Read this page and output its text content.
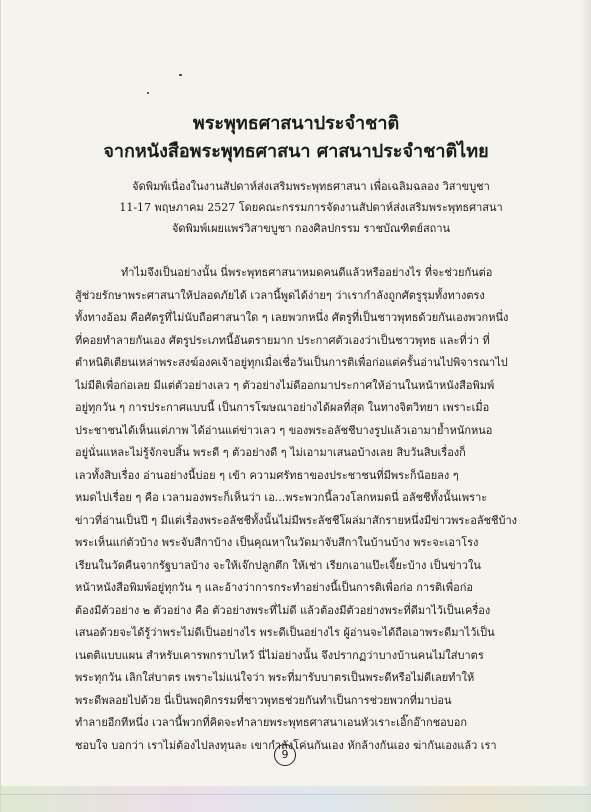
พระพุทธศาสนาประจำชาติ
จากหนังสือพระพุทธศาสนา ศาสนาประจำชาติไทย
จัดพิมพ์เนื่องในงานสัปดาห์ส่งเสริมพระพุทธศาสนา เพื่อเฉลิมฉลอง วิสาขบูชา
11-17 พฤษภาคม 2527 โดยคณะกรรมการจัดงานสัปดาห์ส่งเสริมพระพุทธศาสนา
จัดพิมพ์เผยแพร่วิสาขบูชา กองศิลปกรรม ราชบัณฑิตย์สถาน
ทำไมจึงเป็นอย่างนั้น นี่พระพุทธศาสนาหมดคนดีแล้วหรืออย่างไร ที่จะช่วยกันต่อ
สู้ช่วยรักษาพระศาสนาให้ปลอดภัยได้ เวลานี้พูดได้ง่ายๆ ว่าเรากำลังถูกศัตรูรุมทั้งทางตรง
ทั้งทางอ้อม คือศัตรูที่ไม่นับถือศาสนาใด ๆ เลยพวกหนึ่ง ศัตรูที่เป็นชาวพุทธด้วยกันเองพวกหนึ่ง
ที่คอยทำลายกันเอง ศัตรูประเภทนี้อันตรายมาก ประกาศตัวเองว่าเป็นชาวพุทธ และที่ว่า ที่
ตำหนิติเตียนเหล่าพระสงฆ์องคเจ้าอยู่ทุกเมื่อเชื่อวันเป็นการติเพื่อก่อแต่ครั้นอ่านไปพิจารณาไป
ไม่มีติเพื่อก่อเลย มีแต่ตัวอย่างเลว ๆ ตัวอย่างไม่ดีออกมาประกาศให้อ่านในหน้าหนังสือพิมพ์
อยู่ทุกวัน ๆ การประกาศแบบนี้ เป็นการโฆษณาอย่างได้ผลที่สุด ในทางจิตวิทยา เพราะเมื่อ
ประชาชนได้เห็นแต่ภาพ ได้อ่านแต่ข่าวเลว ๆ ของพระอลัชชีบางรูปแล้วเอามาย้ำหนักหนอ
อยู่นั่นแหละไม่รู้จักจบสิ้น พระดี ๆ ตัวอย่างดี ๆ ไม่เอามาเสนอบ้างเลย สิบวันสิบเรื่องก็
เลวทั้งสิบเรื่อง อ่านอย่างนี้บ่อย ๆ เข้า ความศรัทธาของประชาชนที่มีพระก็น้อยลง ๆ
หมดไปเรื่อย ๆ คือ เวลามองพระก็เห็นว่า เอ...พระพวกนี้ลวงโลกหมดนี่ อลัชชีทั้งนั้นเพราะ
ข่าวที่อ่านเป็นปี ๆ มีแต่เรื่องพระอลัชชีทั้งนั้นไม่มีพระลัชชีโผล่มาสักรายหนึ่งมีข่าวพระอลัชชีบ้าง
พระเห็นแก่ตัวบ้าง พระจับสีกาบ้าง เป็นคุณหาในวัดมาจับสีกาในบ้านบ้าง พระจะเอาโรง
เรียนในวัดคืนจากรัฐบาลบ้าง จะให้เจ๊กปลูกตึก ให้เช่า เรียกเอาแป๊ะเจี๊ยะบ้าง เป็นข่าวใน
หน้าหนังสือพิมพ์อยู่ทุกวัน ๆ และอ้างว่าการกระทำอย่างนี้เป็นการติเพื่อก่อ การติเพื่อก่อ
ต้องมีตัวอย่าง ๒ ตัวอย่าง คือ ตัวอย่างพระที่ไม่ดี แล้วต้องมีตัวอย่างพระที่ดีมาไว้เป็นเครื่อง
เสนอด้วยจะได้รู้ว่าพระไม่ดีเป็นอย่างไร พระดีเป็นอย่างไร ผู้อ่านจะได้ถือเอาพระดีมาไว้เป็น
เนตติแบบแผน สำหรับเคารพกราบไหว้ นี่ไม่อย่างนั้น จึงปรากฏว่าบางบ้านคนไม่ใส่บาตร
พระทุกวัน เลิกใส่บาตร เพราะไม่แน่ใจว่า พระที่มารับบาตรเป็นพระดีหรือไม่ดีเลยทำให้
พระดีพลอยไปด้วย นี่เป็นพฤติกรรมที่ชาวพุทธช่วยกันทำเป็นการช่วยพวกที่มาบ่อน
ทำลายอีกทีหนึ่ง เวลานี้พวกที่คิดจะทำลายพระพุทธศาสนาเอนหัวเราะเอิ๊กอ๊ากชอบอก
ชอบใจ บอกว่า เราไม่ต้องไปลงทุนละ เขากำลังโค่นกันเอง หักล้างกันเอง ฆ่ากันเองแล้ว เรา
9
